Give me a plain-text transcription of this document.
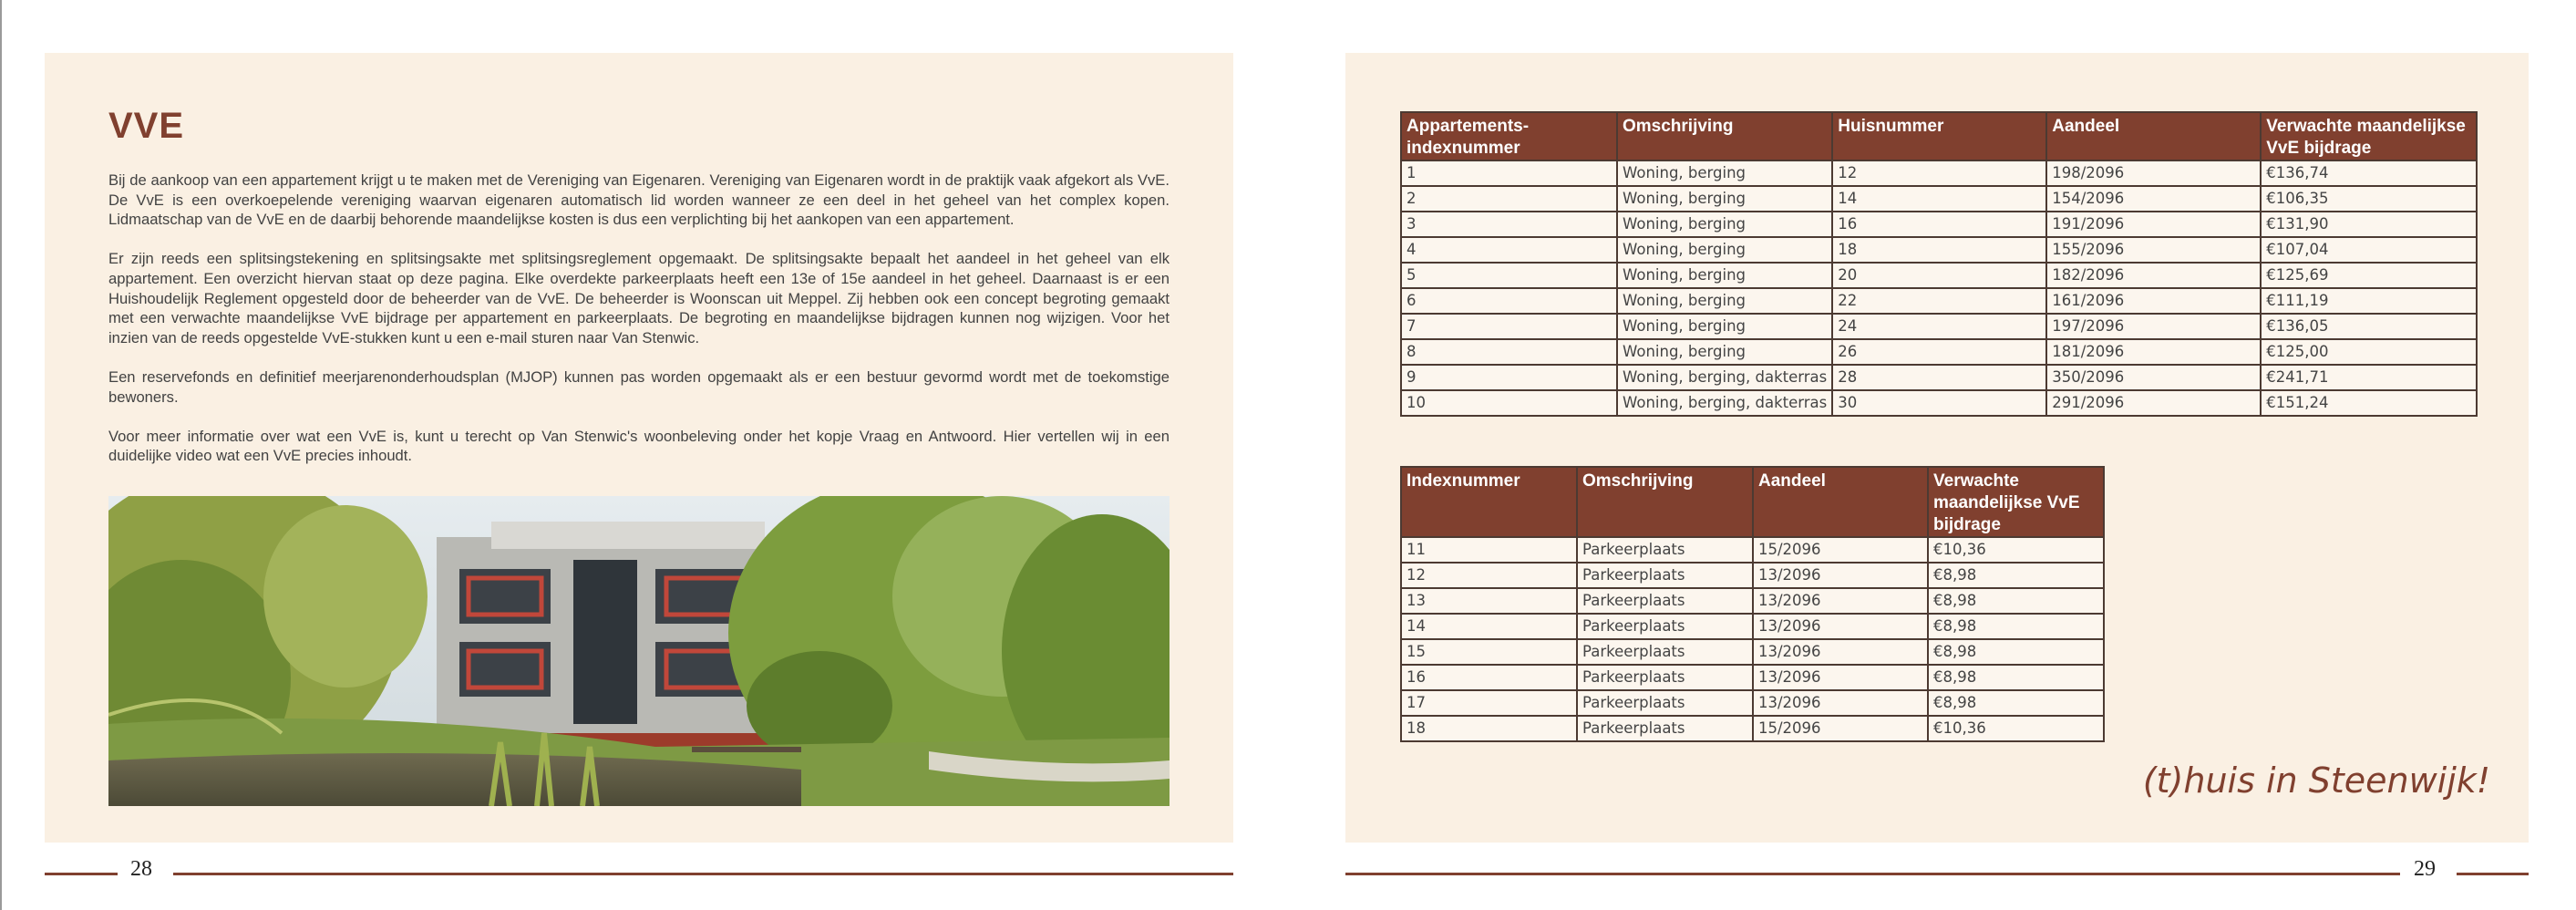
VVE

Bij de aankoop van een appartement krijgt u te maken met de Vereniging van Eigenaren. Vereniging van Eigenaren wordt in de praktijk vaak afgekort als VvE. De VvE is een overkoepelende vereniging waarvan eigenaren automatisch lid worden wanneer ze een deel in het geheel van het complex kopen. Lidmaatschap van de VvE en de daarbij behorende maandelijkse kosten is dus een verplichting bij het aankopen van een appartement.

Er zijn reeds een splitsingstekening en splitsingsakte met splitsingsreglement opgemaakt. De splitsingsakte bepaalt het aandeel in het geheel van elk appartement. Een overzicht hiervan staat op deze pagina. Elke overdekte parkeerplaats heeft een 13e of 15e aandeel in het geheel. Daarnaast is er een Huishoudelijk Reglement opgesteld door de beheerder van de VvE. De beheerder is Woonscan uit Meppel. Zij hebben ook een concept begroting gemaakt met een verwachte maandelijkse VvE bijdrage per appartement en parkeerplaats. De begroting en maandelijkse bijdragen kunnen nog wijzigen. Voor het inzien van de reeds opgestelde VvE-stukken kunt u een e-mail sturen naar Van Stenwic.

Een reservefonds en definitief meerjarenonderhoudsplan (MJOP) kunnen pas worden opgemaakt als er een bestuur gevormd wordt met de toekomstige bewoners.

Voor meer informatie over wat een VvE is, kunt u terecht op Van Stenwic's woonbeleving onder het kopje Vraag en Antwoord. Hier vertellen wij in een duidelijke video wat een VvE precies inhoudt.

Appartements-indexnummer	Omschrijving	Huisnummer	Aandeel	Verwachte maandelijkse VvE bijdrage
1	Woning, berging	12	198/2096	€136,74
2	Woning, berging	14	154/2096	€106,35
3	Woning, berging	16	191/2096	€131,90
4	Woning, berging	18	155/2096	€107,04
5	Woning, berging	20	182/2096	€125,69
6	Woning, berging	22	161/2096	€111,19
7	Woning, berging	24	197/2096	€136,05
8	Woning, berging	26	181/2096	€125,00
9	Woning, berging, dakterras	28	350/2096	€241,71
10	Woning, berging, dakterras	30	291/2096	€151,24
Indexnummer	Omschrijving	Aandeel	Verwachte maandelijkse VvE bijdrage
11	Parkeerplaats	15/2096	€10,36
12	Parkeerplaats	13/2096	€8,98
13	Parkeerplaats	13/2096	€8,98
14	Parkeerplaats	13/2096	€8,98
15	Parkeerplaats	13/2096	€8,98
16	Parkeerplaats	13/2096	€8,98
17	Parkeerplaats	13/2096	€8,98
18	Parkeerplaats	15/2096	€10,36
(t)huis in Steenwijk!
28	29
